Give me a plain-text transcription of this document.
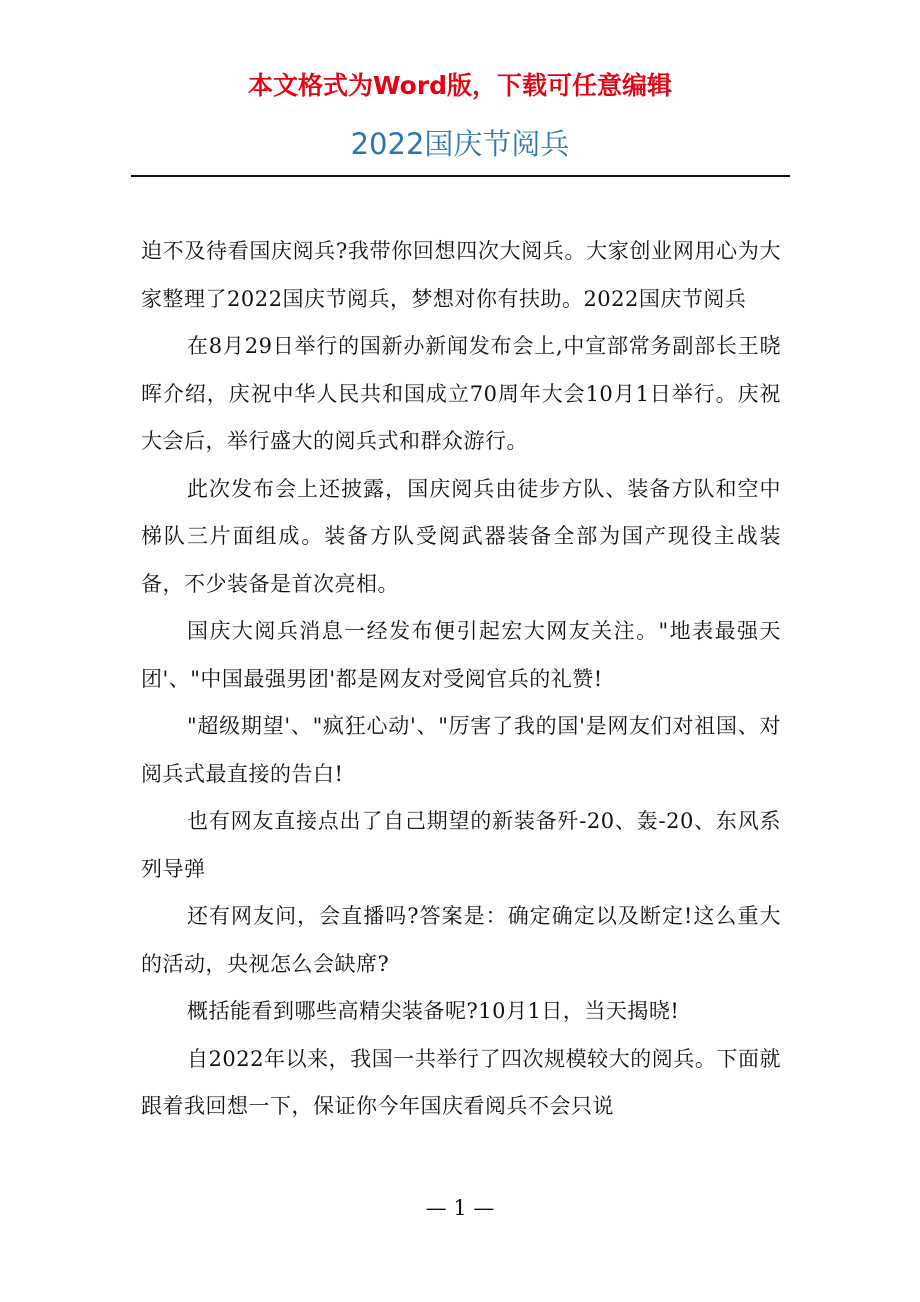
本文格式为Word版，下载可任意编辑
2022国庆节阅兵

迫不及待看国庆阅兵?我带你回想四次大阅兵。大家创业网用心为大家整理了2022国庆节阅兵，梦想对你有扶助。2022国庆节阅兵

在8月29日举行的国新办新闻发布会上,中宣部常务副部长王晓晖介绍，庆祝中华人民共和国成立70周年大会10月1日举行。庆祝大会后，举行盛大的阅兵式和群众游行。

此次发布会上还披露，国庆阅兵由徒步方队、装备方队和空中梯队三片面组成。装备方队受阅武器装备全部为国产现役主战装备，不少装备是首次亮相。

国庆大阅兵消息一经发布便引起宏大网友关注。"地表最强天团'、"中国最强男团'都是网友对受阅官兵的礼赞!

"超级期望'、"疯狂心动'、"厉害了我的国'是网友们对祖国、对阅兵式最直接的告白!

也有网友直接点出了自己期望的新装备歼-20、轰-20、东风系列导弹

还有网友问，会直播吗?答案是：确定确定以及断定!这么重大的活动，央视怎么会缺席?

概括能看到哪些高精尖装备呢?10月1日，当天揭晓!

自2022年以来，我国一共举行了四次规模较大的阅兵。下面就跟着我回想一下，保证你今年国庆看阅兵不会只说

— 1 —
